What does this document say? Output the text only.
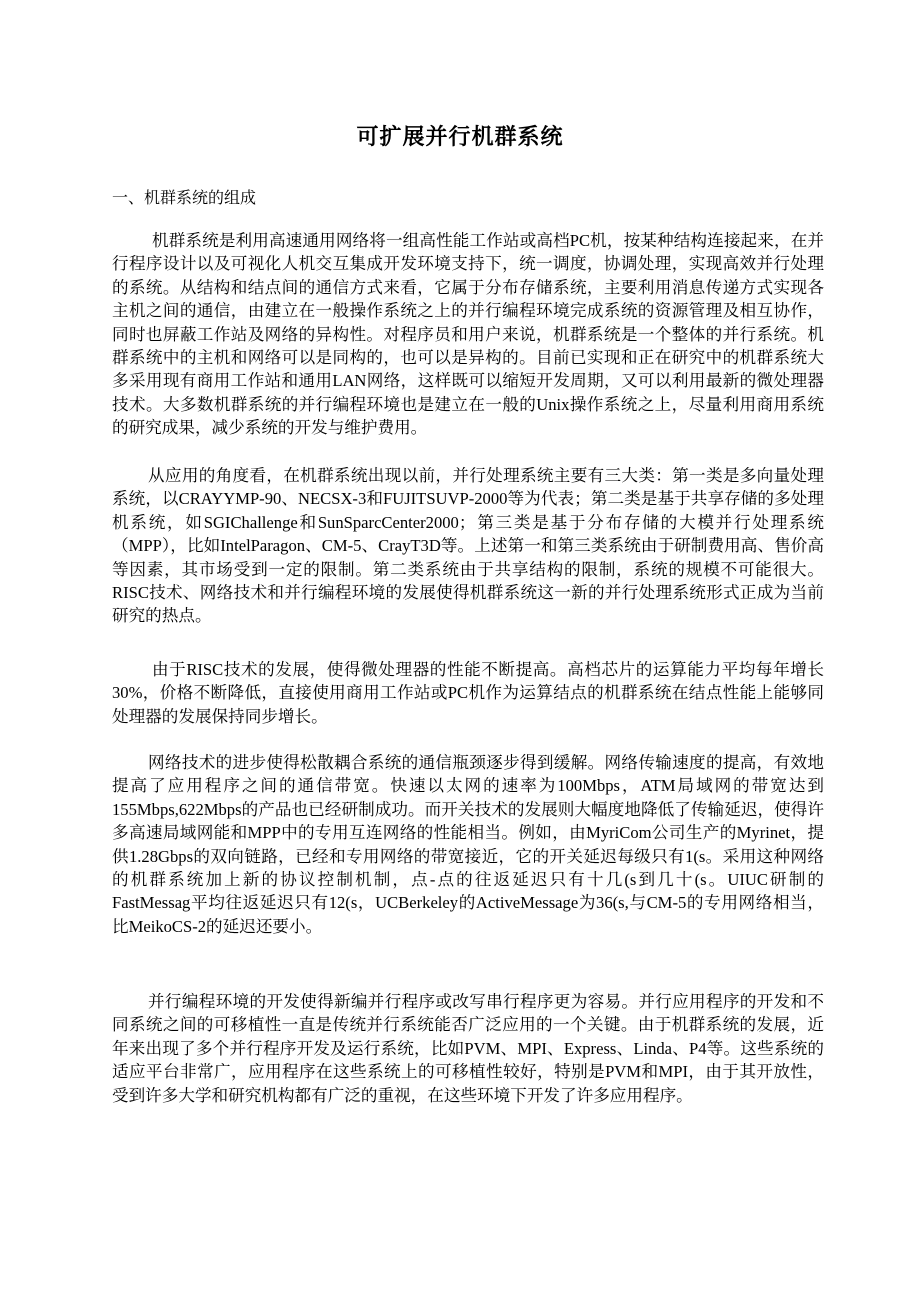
可扩展并行机群系统
一、机群系统的组成

机群系统是利用高速通用网络将一组高性能工作站或高档PC机，按某种结构连接起来，在并行程序设计以及可视化人机交互集成开发环境支持下，统一调度，协调处理，实现高效并行处理的系统。从结构和结点间的通信方式来看，它属于分布存储系统，主要利用消息传递方式实现各主机之间的通信，由建立在一般操作系统之上的并行编程环境完成系统的资源管理及相互协作，同时也屏蔽工作站及网络的异构性。对程序员和用户来说，机群系统是一个整体的并行系统。机群系统中的主机和网络可以是同构的，也可以是异构的。目前已实现和正在研究中的机群系统大多采用现有商用工作站和通用LAN网络，这样既可以缩短开发周期，又可以利用最新的微处理器技术。大多数机群系统的并行编程环境也是建立在一般的Unix操作系统之上，尽量利用商用系统的研究成果，减少系统的开发与维护费用。

从应用的角度看，在机群系统出现以前，并行处理系统主要有三大类：第一类是多向量处理系统，以CRAYYMP-90、NECSX-3和FUJITSUVP-2000等为代表；第二类是基于共享存储的多处理机系统，如SGIChallenge和SunSparcCenter2000；第三类是基于分布存储的大模并行处理系统（MPP），比如IntelParagon、CM-5、CrayT3D等。上述第一和第三类系统由于研制费用高、售价高等因素，其市场受到一定的限制。第二类系统由于共享结构的限制，系统的规模不可能很大。RISC技术、网络技术和并行编程环境的发展使得机群系统这一新的并行处理系统形式正成为当前研究的热点。

由于RISC技术的发展，使得微处理器的性能不断提高。高档芯片的运算能力平均每年增长30%，价格不断降低，直接使用商用工作站或PC机作为运算结点的机群系统在结点性能上能够同处理器的发展保持同步增长。

网络技术的进步使得松散耦合系统的通信瓶颈逐步得到缓解。网络传输速度的提高，有效地提高了应用程序之间的通信带宽。快速以太网的速率为100Mbps，ATM局域网的带宽达到155Mbps,622Mbps的产品也已经研制成功。而开关技术的发展则大幅度地降低了传输延迟，使得许多高速局域网能和MPP中的专用互连网络的性能相当。例如，由MyriCom公司生产的Myrinet，提供1.28Gbps的双向链路，已经和专用网络的带宽接近，它的开关延迟每级只有1(s。采用这种网络的机群系统加上新的协议控制机制，点-点的往返延迟只有十几(s到几十(s。UIUC研制的FastMessag平均往返延迟只有12(s，UCBerkeley的ActiveMessage为36(s,与CM-5的专用网络相当，比MeikoCS-2的延迟还要小。

并行编程环境的开发使得新编并行程序或改写串行程序更为容易。并行应用程序的开发和不同系统之间的可移植性一直是传统并行系统能否广泛应用的一个关键。由于机群系统的发展，近年来出现了多个并行程序开发及运行系统，比如PVM、MPI、Express、Linda、P4等。这些系统的适应平台非常广，应用程序在这些系统上的可移植性较好，特别是PVM和MPI，由于其开放性，受到许多大学和研究机构都有广泛的重视，在这些环境下开发了许多应用程序。
